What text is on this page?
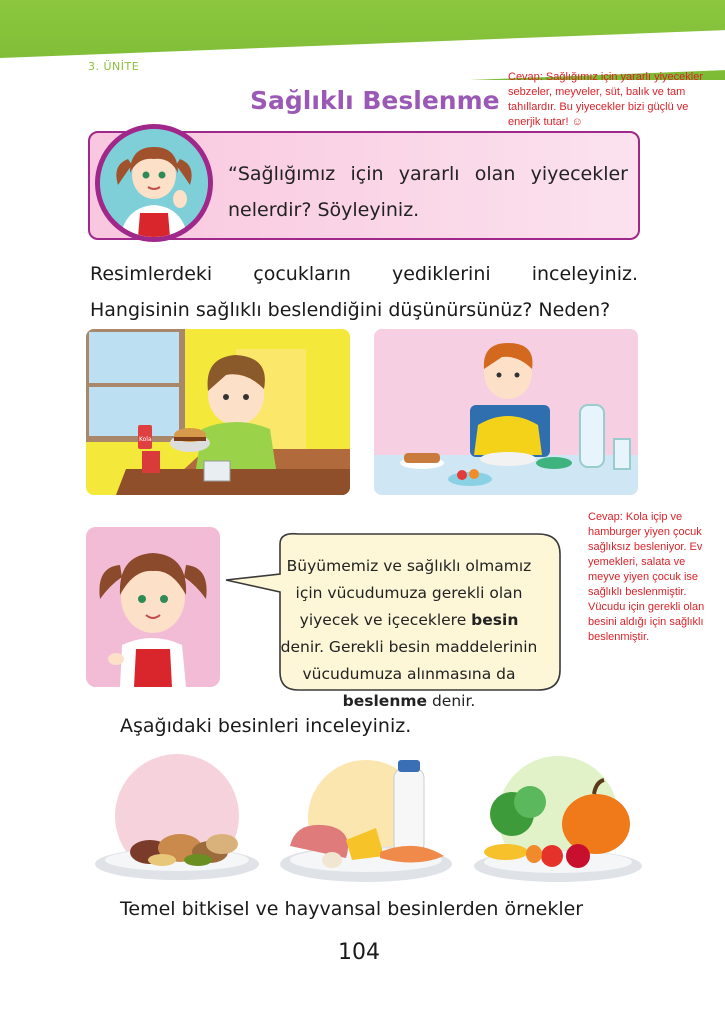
3. ÜNİTE
Sağlıklı Beslenme
Cevap: Sağlığımız için yararlı yiyecekler sebzeler, meyveler, süt, balık ve tam tahıllardır. Bu yiyecekler bizi güçlü ve enerjik tutar! ☺
Cevap: Kola içip ve hamburger yiyen çocuk sağlıksız besleniyor. Ev yemekleri, salata ve meyve yiyen çocuk ise sağlıklı beslenmiştir. Vücudu için gerekli olan besini aldığı için sağlıklı beslenmiştir.
“Sağlığımız için yararlı olan yiyecekler nelerdir? Söyleyiniz.
Resimlerdeki çocukların yediklerini inceleyiniz. Hangisinin sağlıklı beslendiğini düşünürsünüz? Neden?
Kola
Büyümemiz ve sağlıklı olmamız için vücudumuza gerekli olan yiyecek ve içeceklere besin denir. Gerekli besin maddelerinin vücudumuza alınmasına da beslenme denir.
Aşağıdaki besinleri inceleyiniz.
Temel bitkisel ve hayvansal besinlerden örnekler
104
